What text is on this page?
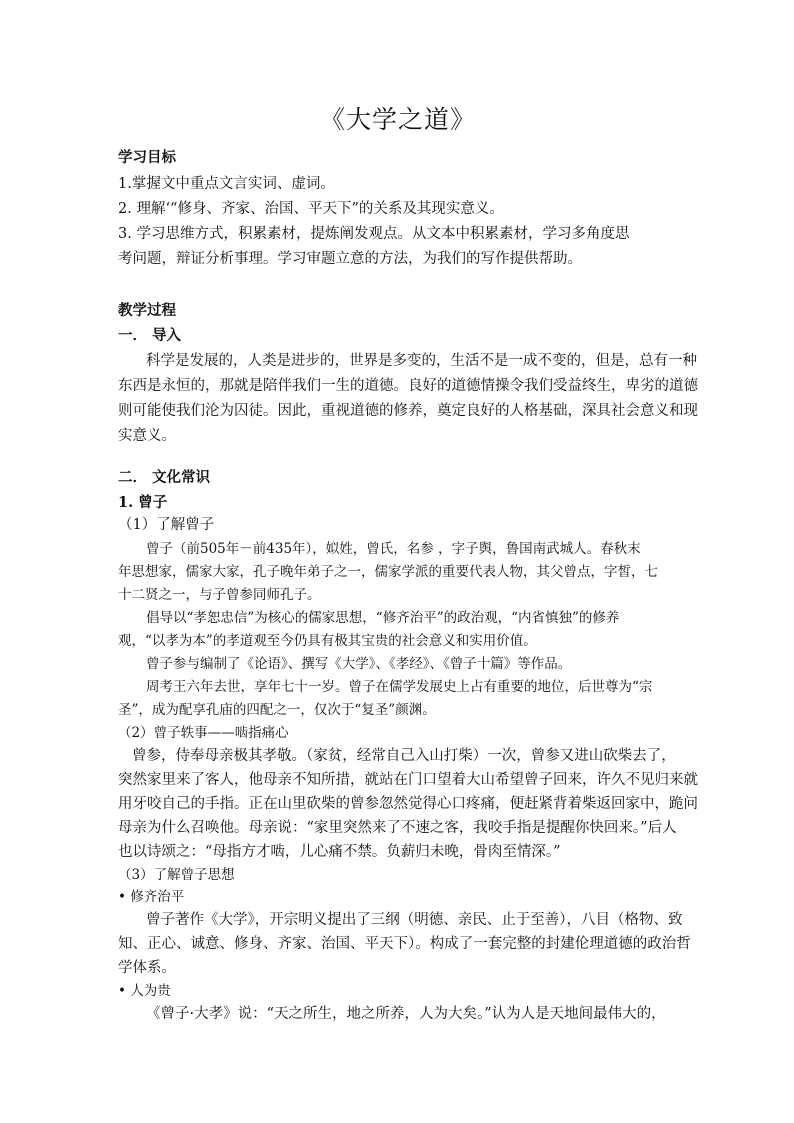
《大学之道》
学习目标
1.掌握文中重点文言实词、虚词。
2. 理解‘“修身、齐家、治国、平天下”的关系及其现实意义。
3. 学习思维方式，积累素材，提炼阐发观点。从文本中积累素材，学习多角度思
考问题，辩证分析事理。学习审题立意的方法，为我们的写作提供帮助。
教学过程
一． 导入
科学是发展的，人类是进步的，世界是多变的，生活不是一成不变的，但是，总有一种
东西是永恒的，那就是陪伴我们一生的道德。良好的道德情操令我们受益终生，卑劣的道德
则可能使我们沦为囚徒。因此，重视道德的修养，奠定良好的人格基础，深具社会意义和现
实意义。
二． 文化常识
1. 曾子
（1）了解曾子
曾子（前505年－前435年），姒姓，曾氏，名参 ，字子舆，鲁国南武城人。春秋末
年思想家，儒家大家，孔子晚年弟子之一，儒家学派的重要代表人物，其父曾点，字皙，七
十二贤之一，与子曾参同师孔子。
倡导以“孝恕忠信”为核心的儒家思想，“修齐治平”的政治观，“内省慎独”的修养
观，“以孝为本”的孝道观至今仍具有极其宝贵的社会意义和实用价值。
曾子参与编制了《论语》、撰写《大学》、《孝经》、《曾子十篇》等作品。
周考王六年去世，享年七十一岁。曾子在儒学发展史上占有重要的地位，后世尊为“宗
圣”，成为配享孔庙的四配之一，仅次于“复圣”颜渊。
（2）曾子轶事——啮指痛心
曾参，侍奉母亲极其孝敬。（家贫，经常自己入山打柴）一次，曾参又进山砍柴去了，
突然家里来了客人，他母亲不知所措，就站在门口望着大山希望曾子回来，许久不见归来就
用牙咬自己的手指。正在山里砍柴的曾参忽然觉得心口疼痛，便赶紧背着柴返回家中，跪问
母亲为什么召唤他。母亲说：“家里突然来了不速之客，我咬手指是提醒你快回来。”后人
也以诗颂之：“母指方才啮，儿心痛不禁。负薪归未晚，骨肉至情深。”
（3）了解曾子思想
• 修齐治平
曾子著作《大学》，开宗明义提出了三纲（明德、亲民、止于至善），八目（格物、致
知、正心、诚意、修身、齐家、治国、平天下）。构成了一套完整的封建伦理道德的政治哲
学体系。
• 人为贵
《曾子·大孝》说：“天之所生，地之所养，人为大矣。”认为人是天地间最伟大的，
